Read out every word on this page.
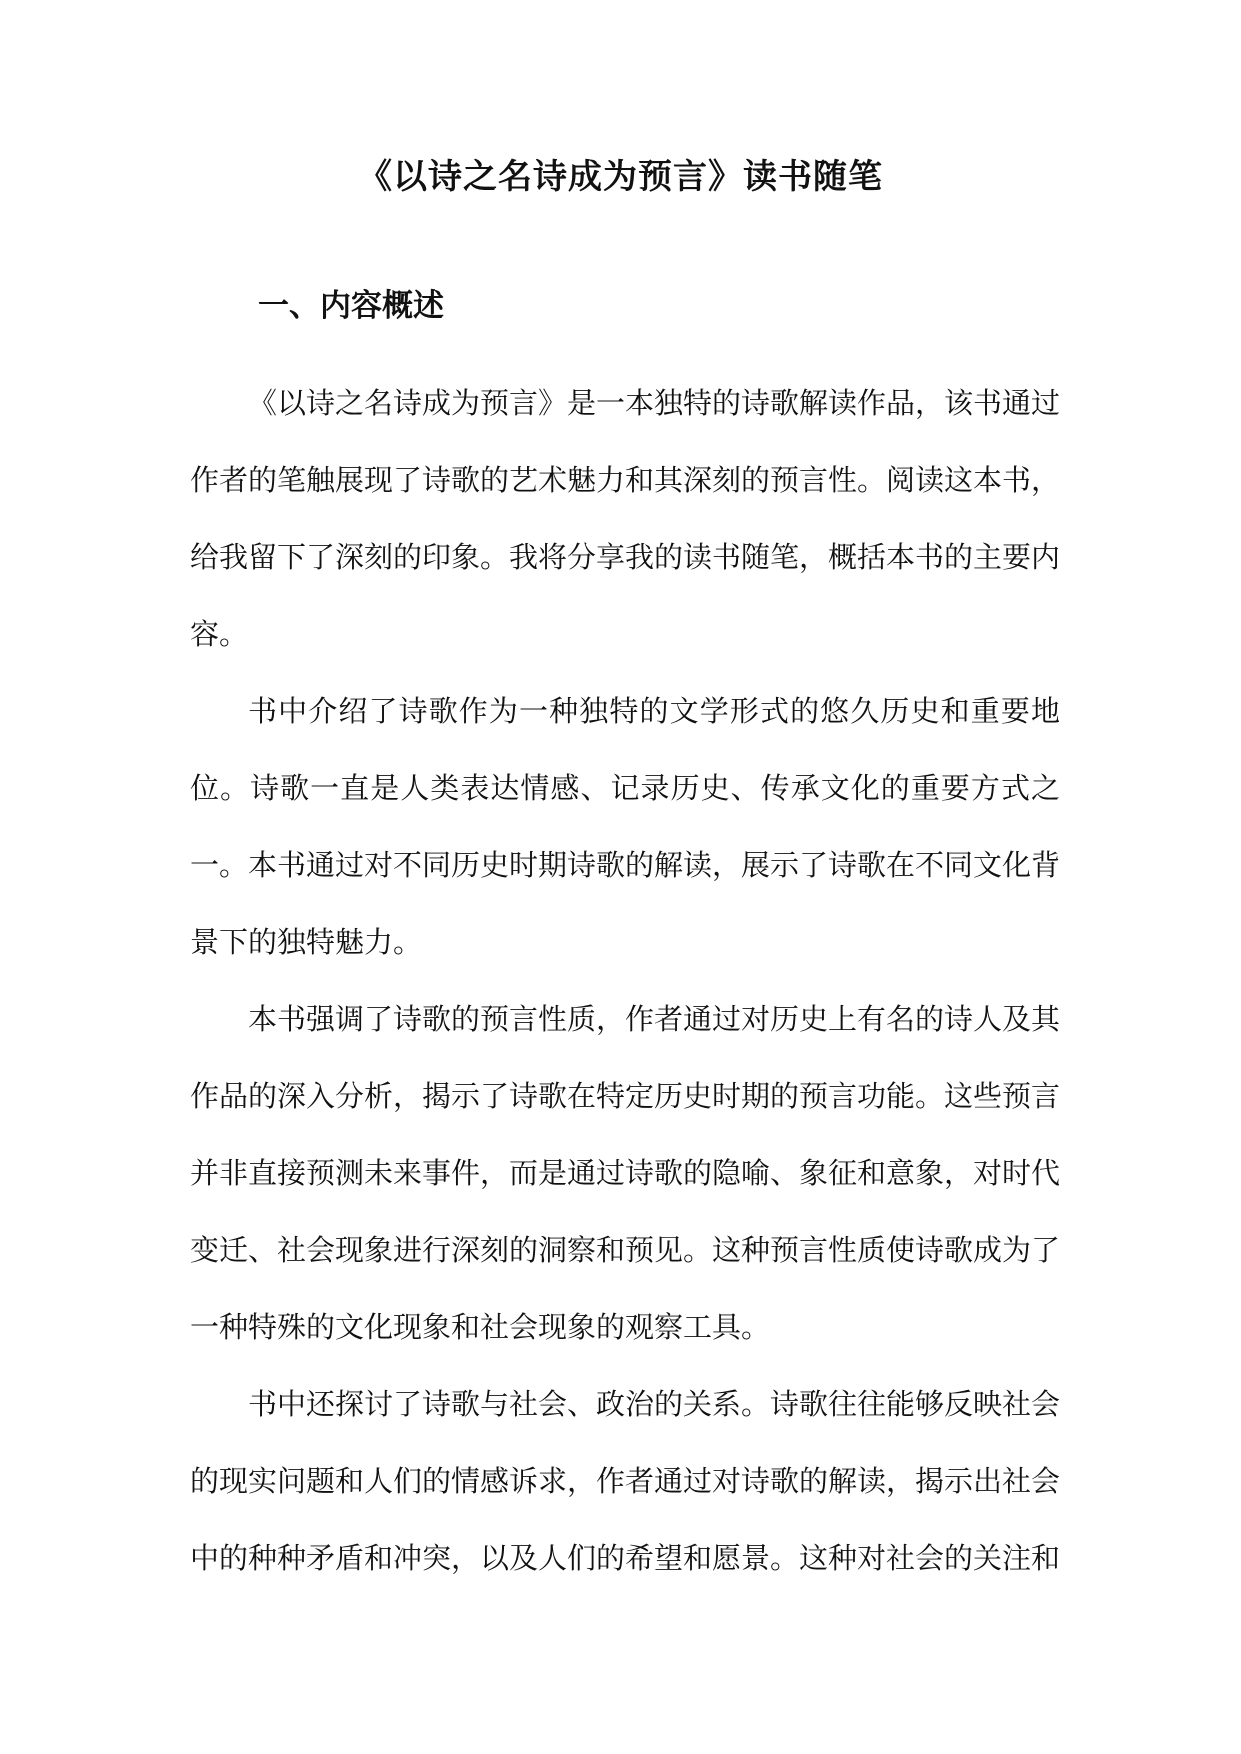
《以诗之名诗成为预言》读书随笔
一、内容概述

《以诗之名诗成为预言》是一本独特的诗歌解读作品，该书通过作者的笔触展现了诗歌的艺术魅力和其深刻的预言性。阅读这本书，给我留下了深刻的印象。我将分享我的读书随笔，概括本书的主要内容。

书中介绍了诗歌作为一种独特的文学形式的悠久历史和重要地位。诗歌一直是人类表达情感、记录历史、传承文化的重要方式之一。本书通过对不同历史时期诗歌的解读，展示了诗歌在不同文化背景下的独特魅力。

本书强调了诗歌的预言性质，作者通过对历史上有名的诗人及其作品的深入分析，揭示了诗歌在特定历史时期的预言功能。这些预言并非直接预测未来事件，而是通过诗歌的隐喻、象征和意象，对时代变迁、社会现象进行深刻的洞察和预见。这种预言性质使诗歌成为了一种特殊的文化现象和社会现象的观察工具。

书中还探讨了诗歌与社会、政治的关系。诗歌往往能够反映社会的现实问题和人们的情感诉求，作者通过对诗歌的解读，揭示出社会中的种种矛盾和冲突，以及人们的希望和愿景。这种对社会的关注和
